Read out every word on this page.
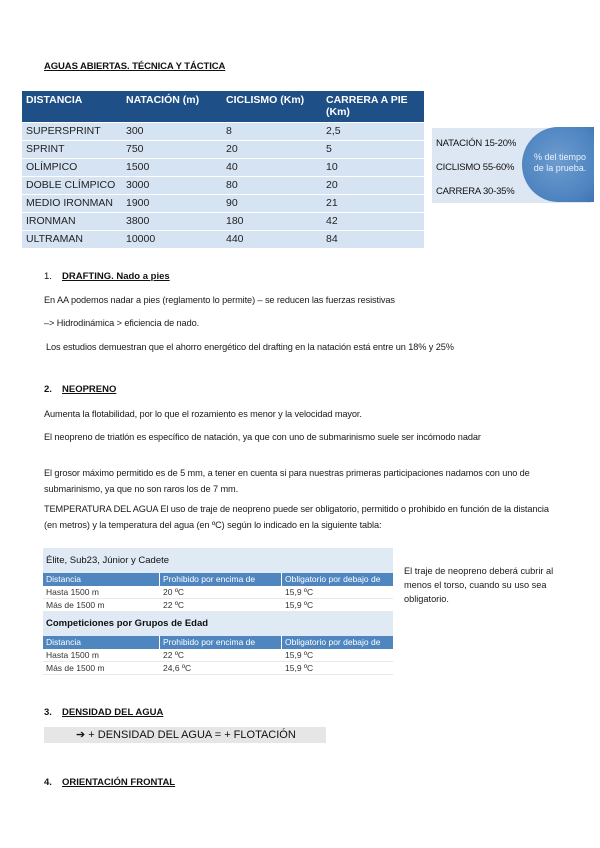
AGUAS ABIERTAS. TÉCNICA Y TÁCTICA
DISTANCIA	NATACIÓN (m)	CICLISMO (Km)	CARRERA A PIE (Km)
SUPERSPRINT	300	8	2,5
SPRINT	750	20	5
OLÍMPICO	1500	40	10
DOBLE CLÍMPICO	3000	80	20
MEDIO IRONMAN	1900	90	21
IRONMAN	3800	180	42
ULTRAMAN	10000	440	84
% del tiempo de la prueba.
NATACIÓN 15-20%
CICLISMO 55-60%
CARRERA 30-35%
1. DRAFTING. Nado a pies
En AA podemos nadar a pies (reglamento lo permite) – se reducen las fuerzas resistivas
–> Hidrodinámica > eficiencia de nado.
Los estudios demuestran que el ahorro energético del drafting en la natación está entre un 18% y 25%
2. NEOPRENO
Aumenta la flotabilidad, por lo que el rozamiento es menor y la velocidad mayor.
El neopreno de triatlón es específico de natación, ya que con uno de submarinismo suele ser incómodo nadar
El grosor máximo permitido es de 5 mm, a tener en cuenta si para nuestras primeras participaciones nadamos con uno de submarinismo, ya que no son raros los de 7 mm.
TEMPERATURA DEL AGUA El uso de traje de neopreno puede ser obligatorio, permitido o prohibido en función de la distancia (en metros) y la temperatura del agua (en ºC) según lo indicado en la siguiente tabla:
Élite, Sub23, Júnior y Cadete
Distancia	Prohibido por encima de	Obligatorio por debajo de
Hasta 1500 m	20 ºC	15,9 ºC
Más de 1500 m	22 ºC	15,9 ºC
Competiciones por Grupos de Edad
Distancia	Prohibido por encima de	Obligatorio por debajo de
Hasta 1500 m	22 ºC	15,9 ºC
Más de 1500 m	24,6 ºC	15,9 ºC
El traje de neopreno deberá cubrir al menos el torso, cuando su uso sea obligatorio.
3. DENSIDAD DEL AGUA
➔ + DENSIDAD DEL AGUA = + FLOTACIÓN
4. ORIENTACIÓN FRONTAL
